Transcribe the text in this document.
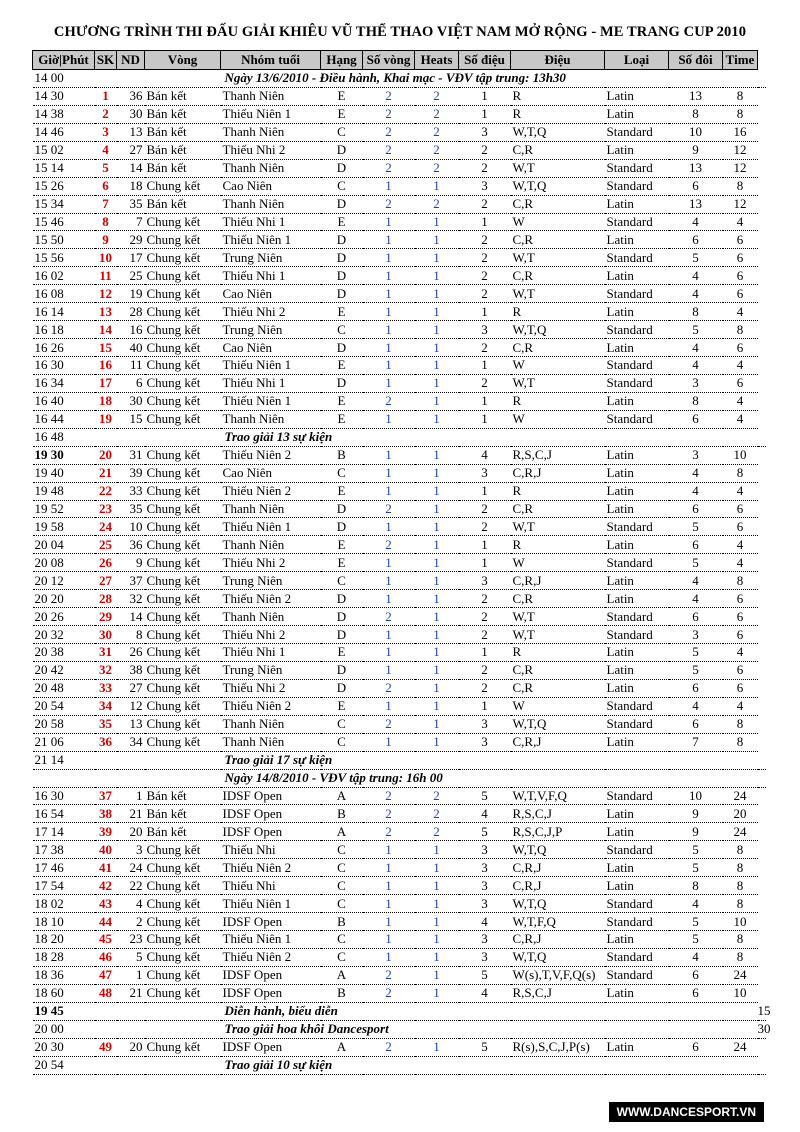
CHƯƠNG TRÌNH THI ĐẤU GIẢI KHIÊU VŨ THỂ THAO VIỆT NAM MỞ RỘNG - ME TRANG CUP 2010
Giờ|Phút	SK	ND	Vòng	Nhóm tuổi	Hạng	Số vòng	Heats	Số điệu	Điệu	Loại	Số đôi	Time	
14 00				Ngày 13/6/2010 - Điều hành, Khai mạc - VĐV tập trung: 13h30									
14 30	1	36	Bán kết	Thanh Niên	E	2	2	1	R	Latin	13	8	
14 38	2	30	Bán kết	Thiếu Niên 1	E	2	2	1	R	Latin	8	8	
14 46	3	13	Bán kết	Thanh Niên	C	2	2	3	W,T,Q	Standard	10	16	
15 02	4	27	Bán kết	Thiếu Nhi 2	D	2	2	2	C,R	Latin	9	12	
15 14	5	14	Bán kết	Thanh Niên	D	2	2	2	W,T	Standard	13	12	
15 26	6	18	Chung kết	Cao Niên	C	1	1	3	W,T,Q	Standard	6	8	
15 34	7	35	Bán kết	Thanh Niên	D	2	2	2	C,R	Latin	13	12	
15 46	8	7	Chung kết	Thiếu Nhi 1	E	1	1	1	W	Standard	4	4	
15 50	9	29	Chung kết	Thiếu Niên 1	D	1	1	2	C,R	Latin	6	6	
15 56	10	17	Chung kết	Trung Niên	D	1	1	2	W,T	Standard	5	6	
16 02	11	25	Chung kết	Thiếu Nhi 1	D	1	1	2	C,R	Latin	4	6	
16 08	12	19	Chung kết	Cao Niên	D	1	1	2	W,T	Standard	4	6	
16 14	13	28	Chung kết	Thiếu Nhi 2	E	1	1	1	R	Latin	8	4	
16 18	14	16	Chung kết	Trung Niên	C	1	1	3	W,T,Q	Standard	5	8	
16 26	15	40	Chung kết	Cao Niên	D	1	1	2	C,R	Latin	4	6	
16 30	16	11	Chung kết	Thiếu Niên 1	E	1	1	1	W	Standard	4	4	
16 34	17	6	Chung kết	Thiếu Nhi 1	D	1	1	2	W,T	Standard	3	6	
16 40	18	30	Chung kết	Thiếu Niên 1	E	2	1	1	R	Latin	8	4	
16 44	19	15	Chung kết	Thanh Niên	E	1	1	1	W	Standard	6	4	
16 48				Trao giải 13 sự kiện									
19 30	20	31	Chung kết	Thiếu Niên 2	B	1	1	4	R,S,C,J	Latin	3	10	
19 40	21	39	Chung kết	Cao Niên	C	1	1	3	C,R,J	Latin	4	8	
19 48	22	33	Chung kết	Thiếu Niên 2	E	1	1	1	R	Latin	4	4	
19 52	23	35	Chung kết	Thanh Niên	D	2	1	2	C,R	Latin	6	6	
19 58	24	10	Chung kết	Thiếu Niên 1	D	1	1	2	W,T	Standard	5	6	
20 04	25	36	Chung kết	Thanh Niên	E	2	1	1	R	Latin	6	4	
20 08	26	9	Chung kết	Thiếu Nhi 2	E	1	1	1	W	Standard	5	4	
20 12	27	37	Chung kết	Trung Niên	C	1	1	3	C,R,J	Latin	4	8	
20 20	28	32	Chung kết	Thiếu Niên 2	D	1	1	2	C,R	Latin	4	6	
20 26	29	14	Chung kết	Thanh Niên	D	2	1	2	W,T	Standard	6	6	
20 32	30	8	Chung kết	Thiếu Nhi 2	D	1	1	2	W,T	Standard	3	6	
20 38	31	26	Chung kết	Thiếu Nhi 1	E	1	1	1	R	Latin	5	4	
20 42	32	38	Chung kết	Trung Niên	D	1	1	2	C,R	Latin	5	6	
20 48	33	27	Chung kết	Thiếu Nhi 2	D	2	1	2	C,R	Latin	6	6	
20 54	34	12	Chung kết	Thiếu Niên 2	E	1	1	1	W	Standard	4	4	
20 58	35	13	Chung kết	Thanh Niên	C	2	1	3	W,T,Q	Standard	6	8	
21 06	36	34	Chung kết	Thanh Niên	C	1	1	3	C,R,J	Latin	7	8	
21 14				Trao giải 17 sự kiện									
				Ngày 14/8/2010 - VĐV tập trung: 16h 00									
16 30	37	1	Bán kết	IDSF Open	A	2	2	5	W,T,V,F,Q	Standard	10	24	
16 54	38	21	Bán kết	IDSF Open	B	2	2	4	R,S,C,J	Latin	9	20	
17 14	39	20	Bán kết	IDSF Open	A	2	2	5	R,S,C,J,P	Latin	9	24	
17 38	40	3	Chung kết	Thiếu Nhi	C	1	1	3	W,T,Q	Standard	5	8	
17 46	41	24	Chung kết	Thiếu Niên 2	C	1	1	3	C,R,J	Latin	5	8	
17 54	42	22	Chung kết	Thiếu Nhi	C	1	1	3	C,R,J	Latin	8	8	
18 02	43	4	Chung kết	Thiếu Niên 1	C	1	1	3	W,T,Q	Standard	4	8	
18 10	44	2	Chung kết	IDSF Open	B	1	1	4	W,T,F,Q	Standard	5	10	
18 20	45	23	Chung kết	Thiếu Niên 1	C	1	1	3	C,R,J	Latin	5	8	
18 28	46	5	Chung kết	Thiếu Niên 2	C	1	1	3	W,T,Q	Standard	4	8	
18 36	47	1	Chung kết	IDSF Open	A	2	1	5	W(s),T,V,F,Q(s)	Standard	6	24	
18 60	48	21	Chung kết	IDSF Open	B	2	1	4	R,S,C,J	Latin	6	10	
19 45				Diễn hành, biểu diễn									15
20 00				Trao giải hoa khôi Dancesport									30
20 30	49	20	Chung kết	IDSF Open	A	2	1	5	R(s),S,C,J,P(s)	Latin	6	24	
20 54				Trao giải 10 sự kiện									
WWW.DANCESPORT.VN
